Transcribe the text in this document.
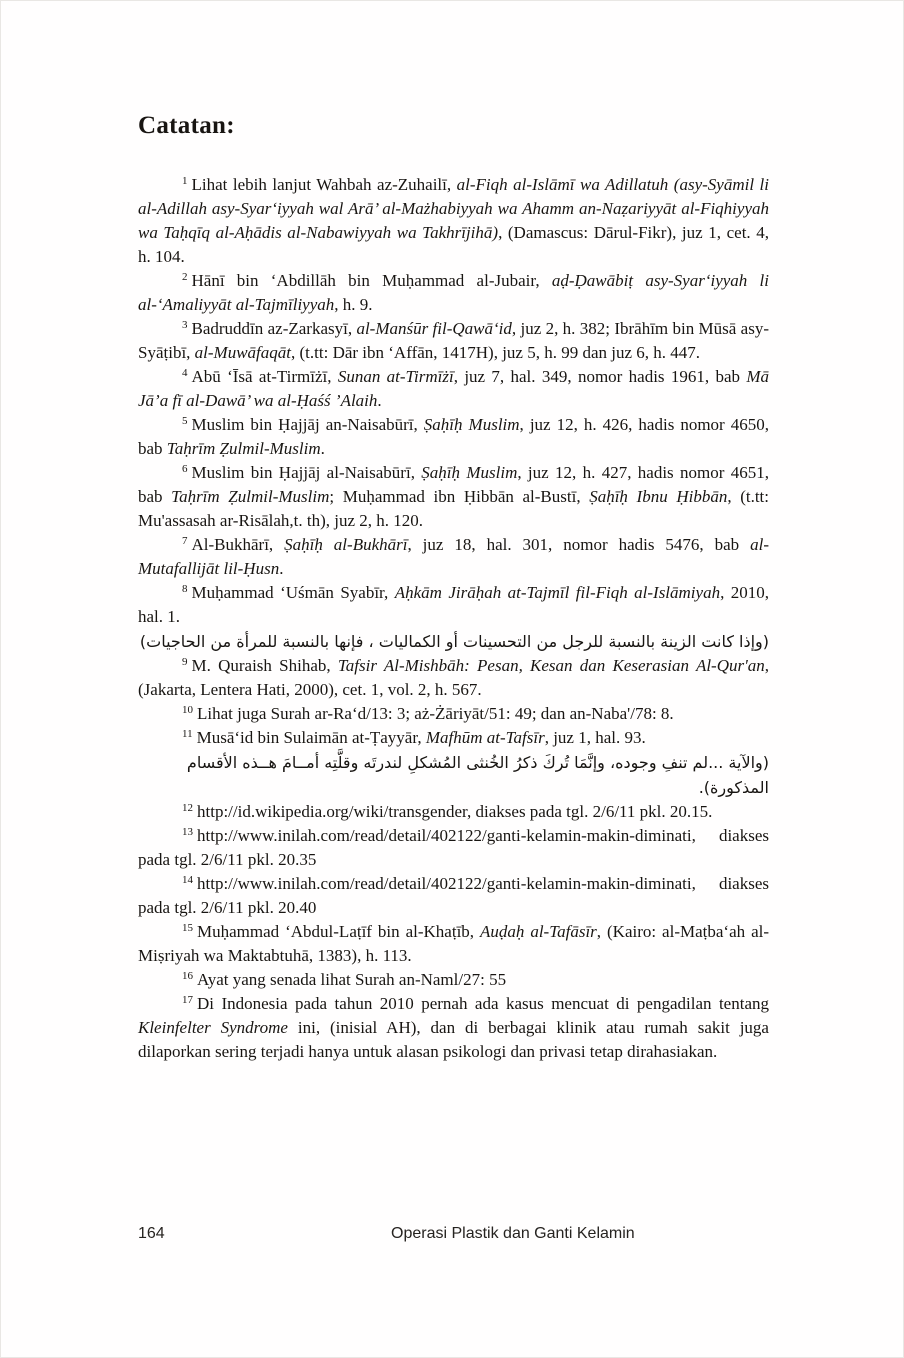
Catatan:

$^1$ Lihat lebih lanjut Wahbah az-Zuhailī, al-Fiqh al-Islāmī wa Adillatuh (asy-Syāmil li al-Adillah asy-Syar‘iyyah wal Arā’ al-Mażhabiyyah wa Ahamm an-Naẓariyyāt al-Fiqhiyyah wa Taḥqīq al-Aḥādis al-Nabawiyyah wa Takhrījihā), (Damascus: Dārul-Fikr), juz 1, cet. 4, h. 104.

$^2$ Hānī bin ‘Abdillāh bin Muḥammad al-Jubair, aḍ-Ḍawābiṭ asy-Syar‘iyyah li al-‘Amaliyyāt al-Tajmīliyyah, h. 9.

$^3$ Badruddīn az-Zarkasyī, al-Manśūr fil-Qawā‘id, juz 2, h. 382; Ibrāhīm bin Mūsā asy-Syāṭibī, al-Muwāfaqāt, (t.tt: Dār ibn ‘Affān, 1417H), juz 5, h. 99 dan juz 6, h. 447.

$^4$ Abū ‘Īsā at-Tirmīżī, Sunan at-Tirmīżī, juz 7, hal. 349, nomor hadis 1961, bab Mā Jā’a fī al-Dawā’ wa al-Ḥaśś ’Alaih.

$^5$ Muslim bin Ḥajjāj an-Naisabūrī, Ṣaḥīḥ Muslim, juz 12, h. 426, hadis nomor 4650, bab Taḥrīm Ẓulmil-Muslim.

$^6$ Muslim bin Ḥajjāj al-Naisabūrī, Ṣaḥīḥ Muslim, juz 12, h. 427, hadis nomor 4651, bab Taḥrīm Ẓulmil-Muslim; Muḥammad ibn Ḥibbān al-Bustī, Ṣaḥīḥ Ibnu Ḥibbān, (t.tt: Mu'assasah ar-Risālah,t. th), juz 2, h. 120.

$^7$ Al-Bukhārī, Ṣaḥīḥ al-Bukhārī, juz 18, hal. 301, nomor hadis 5476, bab al-Mutafallijāt lil-Ḥusn.

$^8$ Muḥammad ‘Uśmān Syabīr, Aḥkām Jirāḥah at-Tajmīl fil-Fiqh al-Islāmiyah, 2010, hal. 1.

(وإذا كانت الزينة بالنسبة للرجل من التحسينات أو الكماليات ، فإنها بالنسبة للمرأة من الحاجيات)

$^9$ M. Quraish Shihab, Tafsir Al-Mishbāh: Pesan, Kesan dan Keserasian Al-Qur'an, (Jakarta, Lentera Hati, 2000), cet. 1, vol. 2, h. 567.

$^{10}$ Lihat juga Surah ar-Ra‘d/13: 3; aż-Żāriyāt/51: 49; dan an-Naba'/78: 8.

$^{11}$ Musā‘id bin Sulaimān at-Ṭayyār, Mafhūm at-Tafsīr, juz 1, hal. 93.

(والآية ...لم تنفِ وجوده، وإنَّمَا تُركَ ذكرُ الخُنثى المُشكلِ لندرتَه وقلَّتِه أمــامَ هــذه الأقسام المذكورة).

$^{12}$ http://id.wikipedia.org/wiki/transgender, diakses pada tgl. 2/6/11 pkl. 20.15.

$^{13}$ http://www.inilah.com/read/detail/402122/ganti-kelamin-makin-diminati, diakses pada tgl. 2/6/11 pkl. 20.35

$^{14}$ http://www.inilah.com/read/detail/402122/ganti-kelamin-makin-diminati, diakses pada tgl. 2/6/11 pkl. 20.40

$^{15}$ Muḥammad ‘Abdul-Laṭīf bin al-Khaṭīb, Auḍaḥ al-Tafāsīr, (Kairo: al-Maṭba‘ah al-Miṣriyah wa Maktabtuhā, 1383), h. 113.

$^{16}$ Ayat yang senada lihat Surah an-Naml/27: 55

$^{17}$ Di Indonesia pada tahun 2010 pernah ada kasus mencuat di pengadilan tentang Kleinfelter Syndrome ini, (inisial AH), dan di berbagai klinik atau rumah sakit juga dilaporkan sering terjadi hanya untuk alasan psikologi dan privasi tetap dirahasiakan.

164	Operasi Plastik dan Ganti Kelamin
